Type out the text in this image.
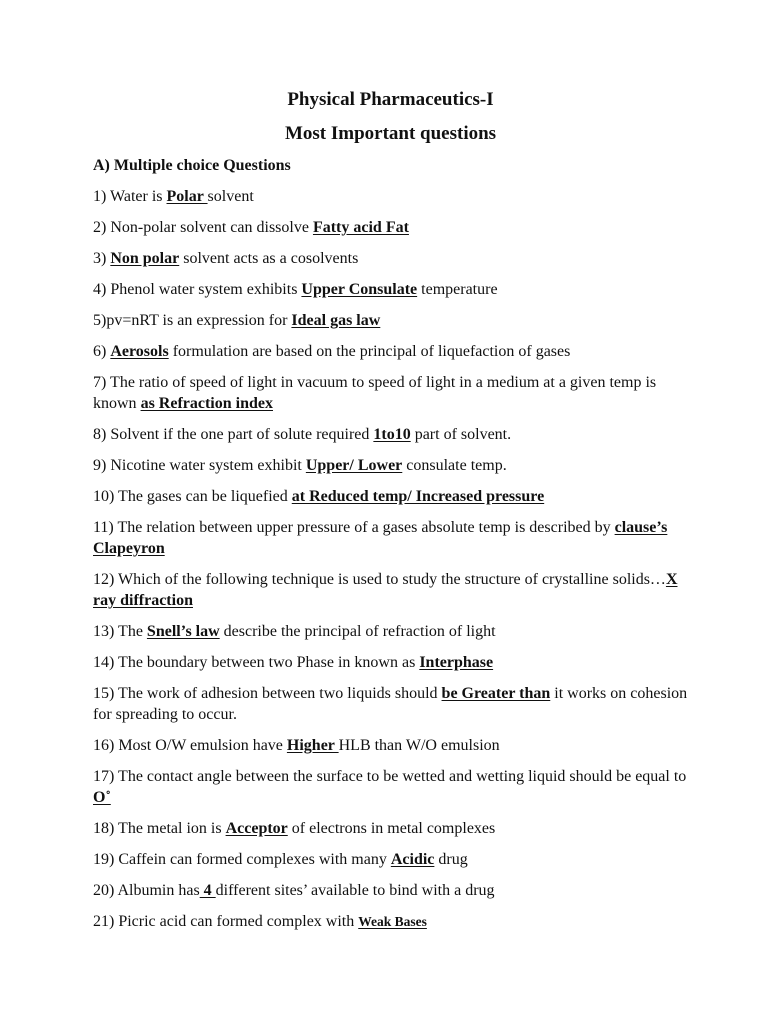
Physical Pharmaceutics-I
Most Important questions
A) Multiple choice Questions
1) Water is Polar solvent
2) Non-polar solvent can dissolve Fatty acid Fat
3) Non polar solvent acts as a cosolvents
4) Phenol water system exhibits Upper Consulate temperature
5)pv=nRT is an expression for Ideal gas law
6) Aerosols formulation are based on the principal of liquefaction of gases
7) The ratio of speed of light in vacuum to speed of light in a medium at a given temp is known as Refraction index
8) Solvent if the one part of solute required 1to10 part of solvent.
9) Nicotine water system exhibit Upper/ Lower consulate temp.
10) The gases can be liquefied at Reduced temp/ Increased pressure
11) The relation between upper pressure of a gases absolute temp is described by clause’s Clapeyron
12) Which of the following technique is used to study the structure of crystalline solids…X ray diffraction
13) The Snell’s law describe the principal of refraction of light
14) The boundary between two Phase in known as Interphase
15) The work of adhesion between two liquids should be Greater than it works on cohesion for spreading to occur.
16) Most O/W emulsion have Higher HLB than W/O emulsion
17) The contact angle between the surface to be wetted and wetting liquid should be equal to O˚
18) The metal ion is Acceptor of electrons in metal complexes
19) Caffein can formed complexes with many Acidic drug
20) Albumin has 4 different sites’ available to bind with a drug
21) Picric acid can formed complex with Weak Bases
